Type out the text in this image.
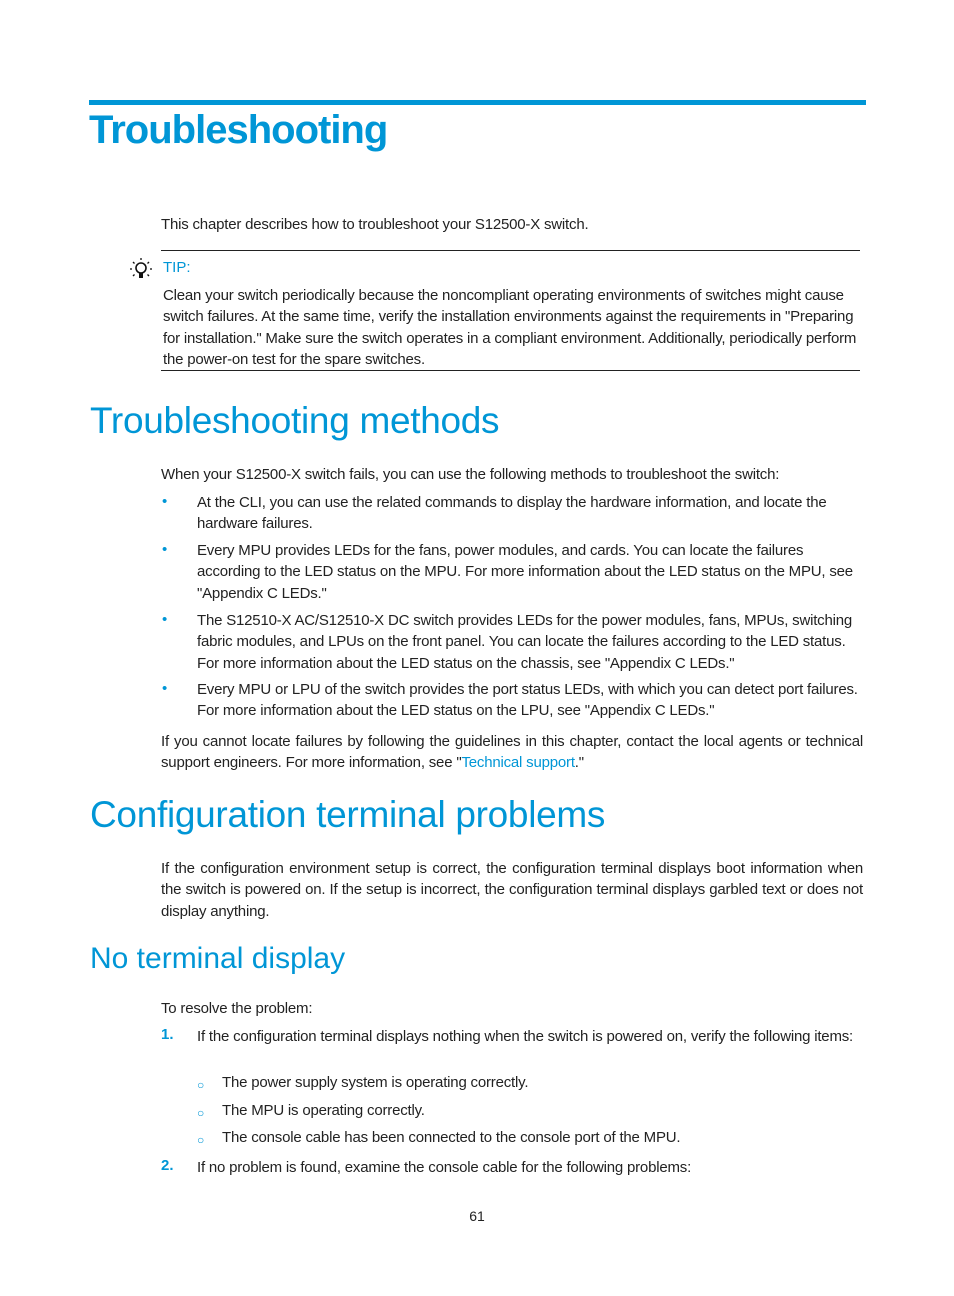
Troubleshooting
This chapter describes how to troubleshoot your S12500-X switch.
TIP:
Clean your switch periodically because the noncompliant operating environments of switches might cause switch failures. At the same time, verify the installation environments against the requirements in "Preparing for installation." Make sure the switch operates in a compliant environment. Additionally, periodically perform the power-on test for the spare switches.
Troubleshooting methods
When your S12500-X switch fails, you can use the following methods to troubleshoot the switch:
• At the CLI, you can use the related commands to display the hardware information, and locate the hardware failures.
• Every MPU provides LEDs for the fans, power modules, and cards. You can locate the failures according to the LED status on the MPU. For more information about the LED status on the MPU, see "Appendix C LEDs."
• The S12510-X AC/S12510-X DC switch provides LEDs for the power modules, fans, MPUs, switching fabric modules, and LPUs on the front panel. You can locate the failures according to the LED status. For more information about the LED status on the chassis, see "Appendix C LEDs."
• Every MPU or LPU of the switch provides the port status LEDs, with which you can detect port failures. For more information about the LED status on the LPU, see "Appendix C LEDs."
If you cannot locate failures by following the guidelines in this chapter, contact the local agents or technical support engineers. For more information, see "Technical support."
Configuration terminal problems
If the configuration environment setup is correct, the configuration terminal displays boot information when the switch is powered on. If the setup is incorrect, the configuration terminal displays garbled text or does not display anything.
No terminal display
To resolve the problem:
1. If the configuration terminal displays nothing when the switch is powered on, verify the following items:
○ The power supply system is operating correctly.
○ The MPU is operating correctly.
○ The console cable has been connected to the console port of the MPU.
2. If no problem is found, examine the console cable for the following problems:
61
